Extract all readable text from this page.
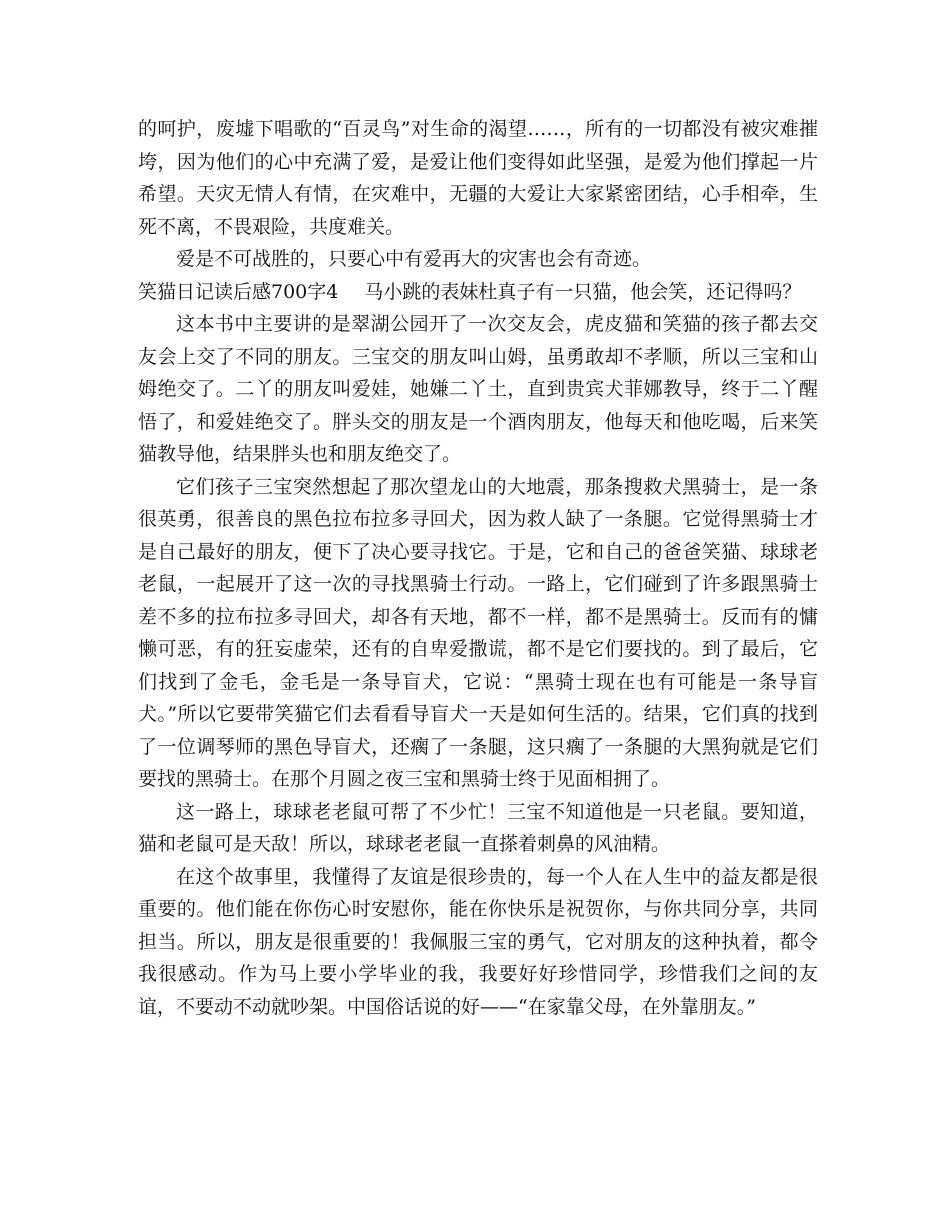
的呵护，废墟下唱歌的“百灵鸟”对生命的渴望……，所有的一切都没有被灾难摧垮，因为他们的心中充满了爱，是爱让他们变得如此坚强，是爱为他们撑起一片希望。天灾无情人有情，在灾难中，无疆的大爱让大家紧密团结，心手相牵，生死不离，不畏艰险，共度难关。

爱是不可战胜的，只要心中有爱再大的灾害也会有奇迹。

笑猫日记读后感700字4 马小跳的表妹杜真子有一只猫，他会笑，还记得吗？

这本书中主要讲的是翠湖公园开了一次交友会，虎皮猫和笑猫的孩子都去交友会上交了不同的朋友。三宝交的朋友叫山姆，虽勇敢却不孝顺，所以三宝和山姆绝交了。二丫的朋友叫爱娃，她嫌二丫土，直到贵宾犬菲娜教导，终于二丫醒悟了，和爱娃绝交了。胖头交的朋友是一个酒肉朋友，他每天和他吃喝，后来笑猫教导他，结果胖头也和朋友绝交了。

它们孩子三宝突然想起了那次望龙山的大地震，那条搜救犬黑骑士，是一条很英勇，很善良的黑色拉布拉多寻回犬，因为救人缺了一条腿。它觉得黑骑士才是自己最好的朋友，便下了决心要寻找它。于是，它和自己的爸爸笑猫、球球老老鼠，一起展开了这一次的寻找黑骑士行动。一路上，它们碰到了许多跟黑骑士差不多的拉布拉多寻回犬，却各有天地，都不一样，都不是黑骑士。反而有的慵懒可恶，有的狂妄虚荣，还有的自卑爱撒谎，都不是它们要找的。到了最后，它们找到了金毛，金毛是一条导盲犬，它说：“黑骑士现在也有可能是一条导盲犬。”所以它要带笑猫它们去看看导盲犬一天是如何生活的。结果，它们真的找到了一位调琴师的黑色导盲犬，还瘸了一条腿，这只瘸了一条腿的大黑狗就是它们要找的黑骑士。在那个月圆之夜三宝和黑骑士终于见面相拥了。

这一路上，球球老老鼠可帮了不少忙！三宝不知道他是一只老鼠。要知道，猫和老鼠可是天敌！所以，球球老老鼠一直搽着刺鼻的风油精。

在这个故事里，我懂得了友谊是很珍贵的，每一个人在人生中的益友都是很重要的。他们能在你伤心时安慰你，能在你快乐是祝贺你，与你共同分享，共同担当。所以，朋友是很重要的！我佩服三宝的勇气，它对朋友的这种执着，都令我很感动。作为马上要小学毕业的我，我要好好珍惜同学，珍惜我们之间的友谊，不要动不动就吵架。中国俗话说的好——“在家靠父母，在外靠朋友。”
